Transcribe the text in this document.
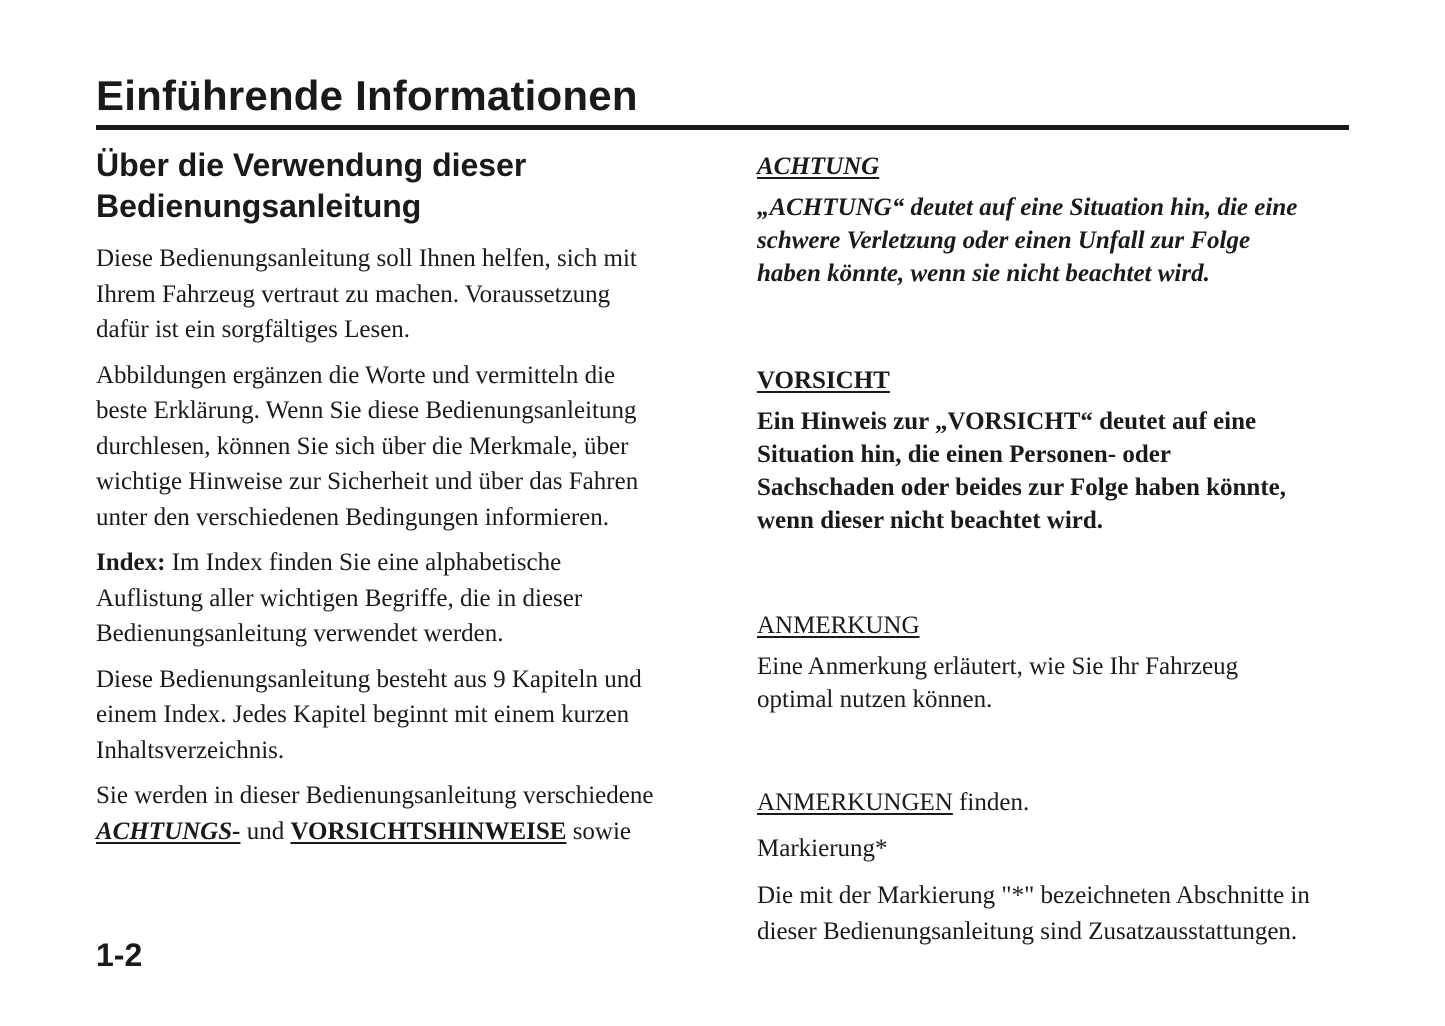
Einführende Informationen
Über die Verwendung dieser
Bedienungsanleitung

Diese Bedienungsanleitung soll Ihnen helfen, sich mit
Ihrem Fahrzeug vertraut zu machen. Voraussetzung
dafür ist ein sorgfältiges Lesen.

Abbildungen ergänzen die Worte und vermitteln die
beste Erklärung. Wenn Sie diese Bedienungsanleitung
durchlesen, können Sie sich über die Merkmale, über
wichtige Hinweise zur Sicherheit und über das Fahren
unter den verschiedenen Bedingungen informieren.

Index: Im Index finden Sie eine alphabetische
Auflistung aller wichtigen Begriffe, die in dieser
Bedienungsanleitung verwendet werden.

Diese Bedienungsanleitung besteht aus 9 Kapiteln und
einem Index. Jedes Kapitel beginnt mit einem kurzen
Inhaltsverzeichnis.

Sie werden in dieser Bedienungsanleitung verschiedene
ACHTUNGS- und VORSICHTSHINWEISE sowie

ACHTUNG

„ACHTUNG“ deutet auf eine Situation hin, die eine
schwere Verletzung oder einen Unfall zur Folge
haben könnte, wenn sie nicht beachtet wird.

VORSICHT

Ein Hinweis zur „VORSICHT“ deutet auf eine
Situation hin, die einen Personen- oder
Sachschaden oder beides zur Folge haben könnte,
wenn dieser nicht beachtet wird.

ANMERKUNG

Eine Anmerkung erläutert, wie Sie Ihr Fahrzeug
optimal nutzen können.

ANMERKUNGEN finden.

Markierung*

Die mit der Markierung "*" bezeichneten Abschnitte in
dieser Bedienungsanleitung sind Zusatzausstattungen.

1-2
